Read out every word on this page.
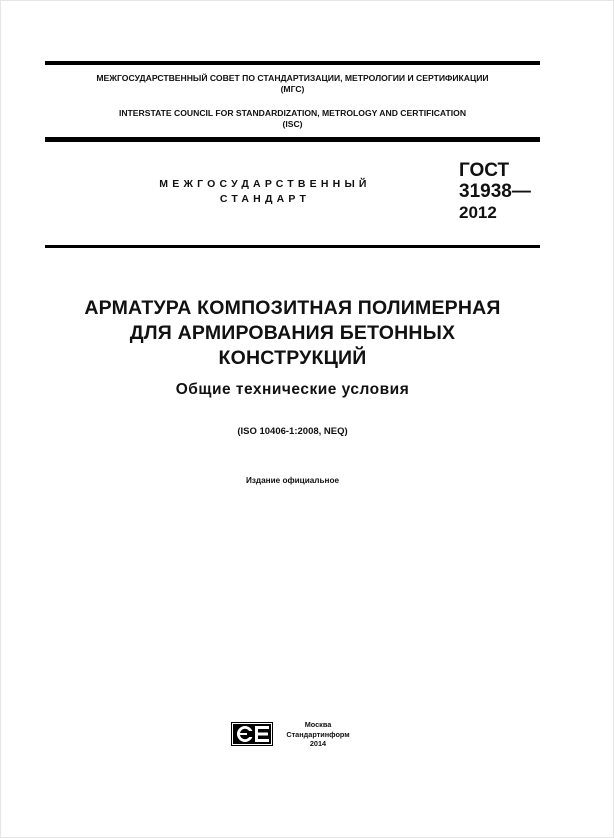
МЕЖГОСУДАРСТВЕННЫЙ СОВЕТ ПО СТАНДАРТИЗАЦИИ, МЕТРОЛОГИИ И СЕРТИФИКАЦИИ
(МГС)
INTERSTATE COUNCIL FOR STANDARDIZATION, METROLOGY AND CERTIFICATION
(ISC)
МЕЖГОСУДАРСТВЕННЫЙ
СТАНДАРТ
ГОСТ
31938—
2012
АРМАТУРА КОМПОЗИТНАЯ ПОЛИМЕРНАЯ
ДЛЯ АРМИРОВАНИЯ БЕТОННЫХ
КОНСТРУКЦИЙ
Общие технические условия
(ISO 10406-1:2008, NEQ)
Издание официальное
Москва
Стандартинформ
2014
